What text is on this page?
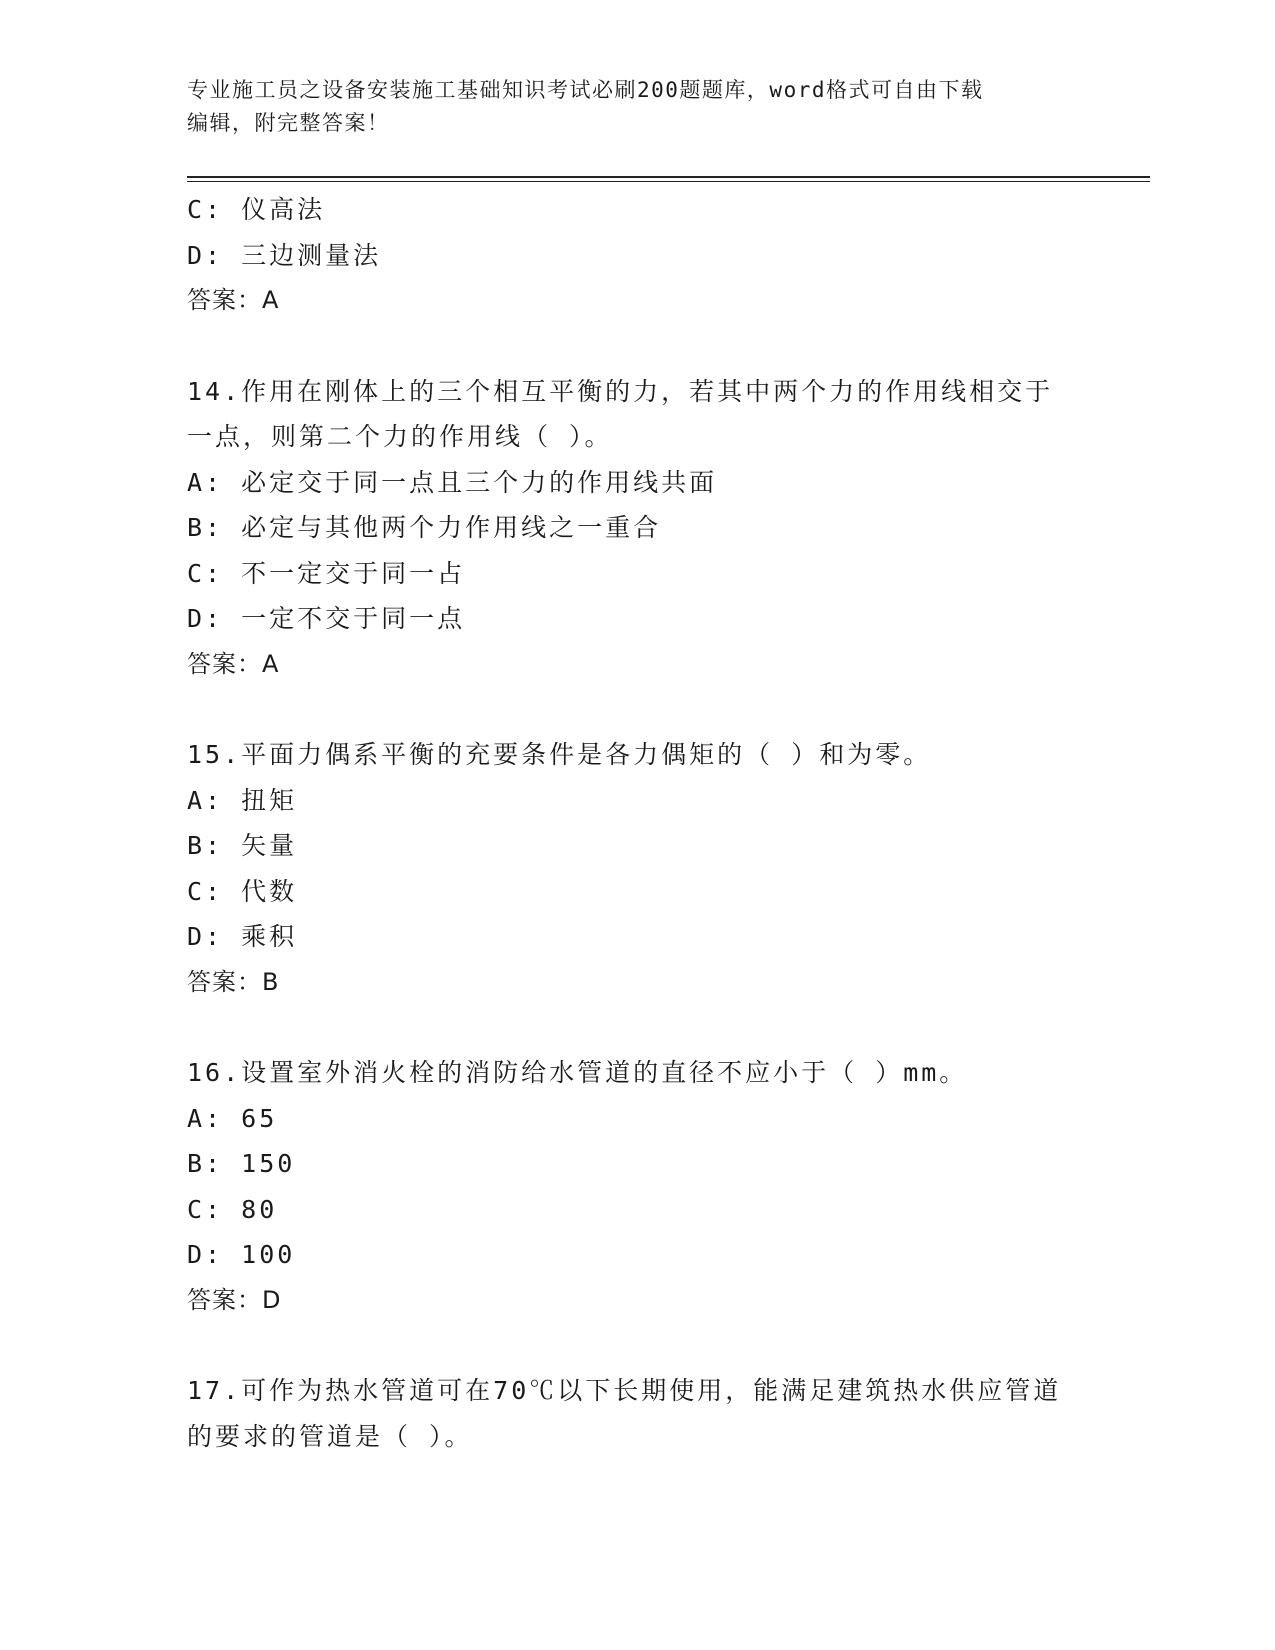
专业施工员之设备安装施工基础知识考试必刷200题题库，word格式可自由下载
编辑，附完整答案！
C: 仪高法
D: 三边测量法
答案：A
14.作用在刚体上的三个相互平衡的力，若其中两个力的作用线相交于
一点，则第二个力的作用线（ ）。
A: 必定交于同一点且三个力的作用线共面
B: 必定与其他两个力作用线之一重合
C: 不一定交于同一占
D: 一定不交于同一点
答案：A
15.平面力偶系平衡的充要条件是各力偶矩的（ ）和为零。
A: 扭矩
B: 矢量
C: 代数
D: 乘积
答案：B
16.设置室外消火栓的消防给水管道的直径不应小于（ ）mm。
A: 65
B: 150
C: 80
D: 100
答案：D
17.可作为热水管道可在70℃以下长期使用，能满足建筑热水供应管道
的要求的管道是（ ）。
